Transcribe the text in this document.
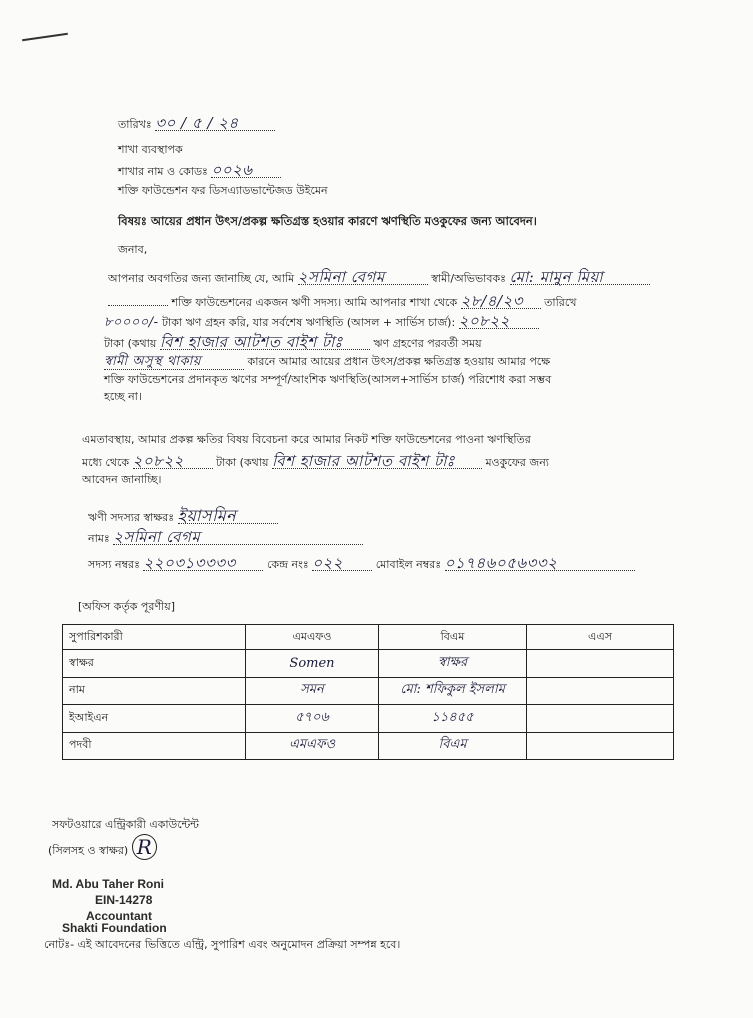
তারিখঃ ৩০ / ৫ / ২৪
শাখা ব্যবস্থাপক
শাখার নাম ও কোডঃ ০০২৬
শক্তি ফাউন্ডেশন ফর ডিসএ্যাডভান্টেজড উইমেন
বিষয়ঃ আয়ের প্রধান উৎস/প্রকল্প ক্ষতিগ্রস্ত হওয়ার কারণে ঋণস্থিতি মওকুফের জন্য আবেদন।
জনাব,
আপনার অবগতির জন্য জানাচ্ছি যে, আমি ২সমিনা বেগম	স্বামী/অভিভাবকঃ মো: মামুন মিয়া
শক্তি ফাউন্ডেশনের একজন ঋণী সদস্য। আমি আপনার শাখা থেকে ২৮/৪/২৩ তারিখে
৮০০০০/- টাকা ঋণ গ্রহন করি, যার সর্বশেষ ঋণস্থিতি (আসল + সার্ভিস চার্জ): ২০৮২২
টাকা (কথায় বিশ হাজার আটশত বাইশ টাঃ	ঋণ গ্রহণের পরবর্তী সময়
স্বামী অসুস্থ থাকায়	কারনে আমার আয়ের প্রধান উৎস/প্রকল্প ক্ষতিগ্রস্ত হওয়ায় আমার পক্ষে
শক্তি ফাউন্ডেশনের প্রদানকৃত ঋণের সম্পূর্ণ/আংশিক ঋণস্থিতি(আসল+সার্ভিস চার্জ) পরিশোধ করা সম্ভব
হচ্ছে না।
এমতাবস্থায়, আমার প্রকল্প ক্ষতির বিষয় বিবেচনা করে আমার নিকট শক্তি ফাউন্ডেশনের পাওনা ঋণস্থিতির
মধ্যে থেকে ২০৮২২	টাকা (কথায় বিশ হাজার আটশত বাইশ টাঃ	মওকুফের জন্য
আবেদন জানাচ্ছি।
ঋণী সদস্যর স্বাক্ষরঃ ইয়াসমিন
নামঃ ২সমিনা বেগম
সদস্য নম্বরঃ ২২০৩১৩৩৩৩	কেন্দ্র নংঃ ০২২	মোবাইল নম্বরঃ ০১৭৪৬০৫৬৩৩২
[অফিস কর্তৃক পূরণীয়]
সুপারিশকারী	এমএফও	বিএম	এএস
স্বাক্ষর	Somen	স্বাক্ষর	
নাম	সমন	মো: শফিকুল ইসলাম	
ইআইএন	৫৭০৬	১১৪৫৫	
পদবী	এমএফও	বিএম	
সফটওয়ারে এন্ট্রিকারী একাউন্টেন্ট
(সিলসহ ও স্বাক্ষর) R
Md. Abu Taher Roni
EIN-14278
Accountant
Shakti Foundation
নোটঃ- এই আবেদনের ভিত্তিতে এন্ট্রি, সুপারিশ এবং অনুমোদন প্রক্রিয়া সম্পন্ন হবে।
